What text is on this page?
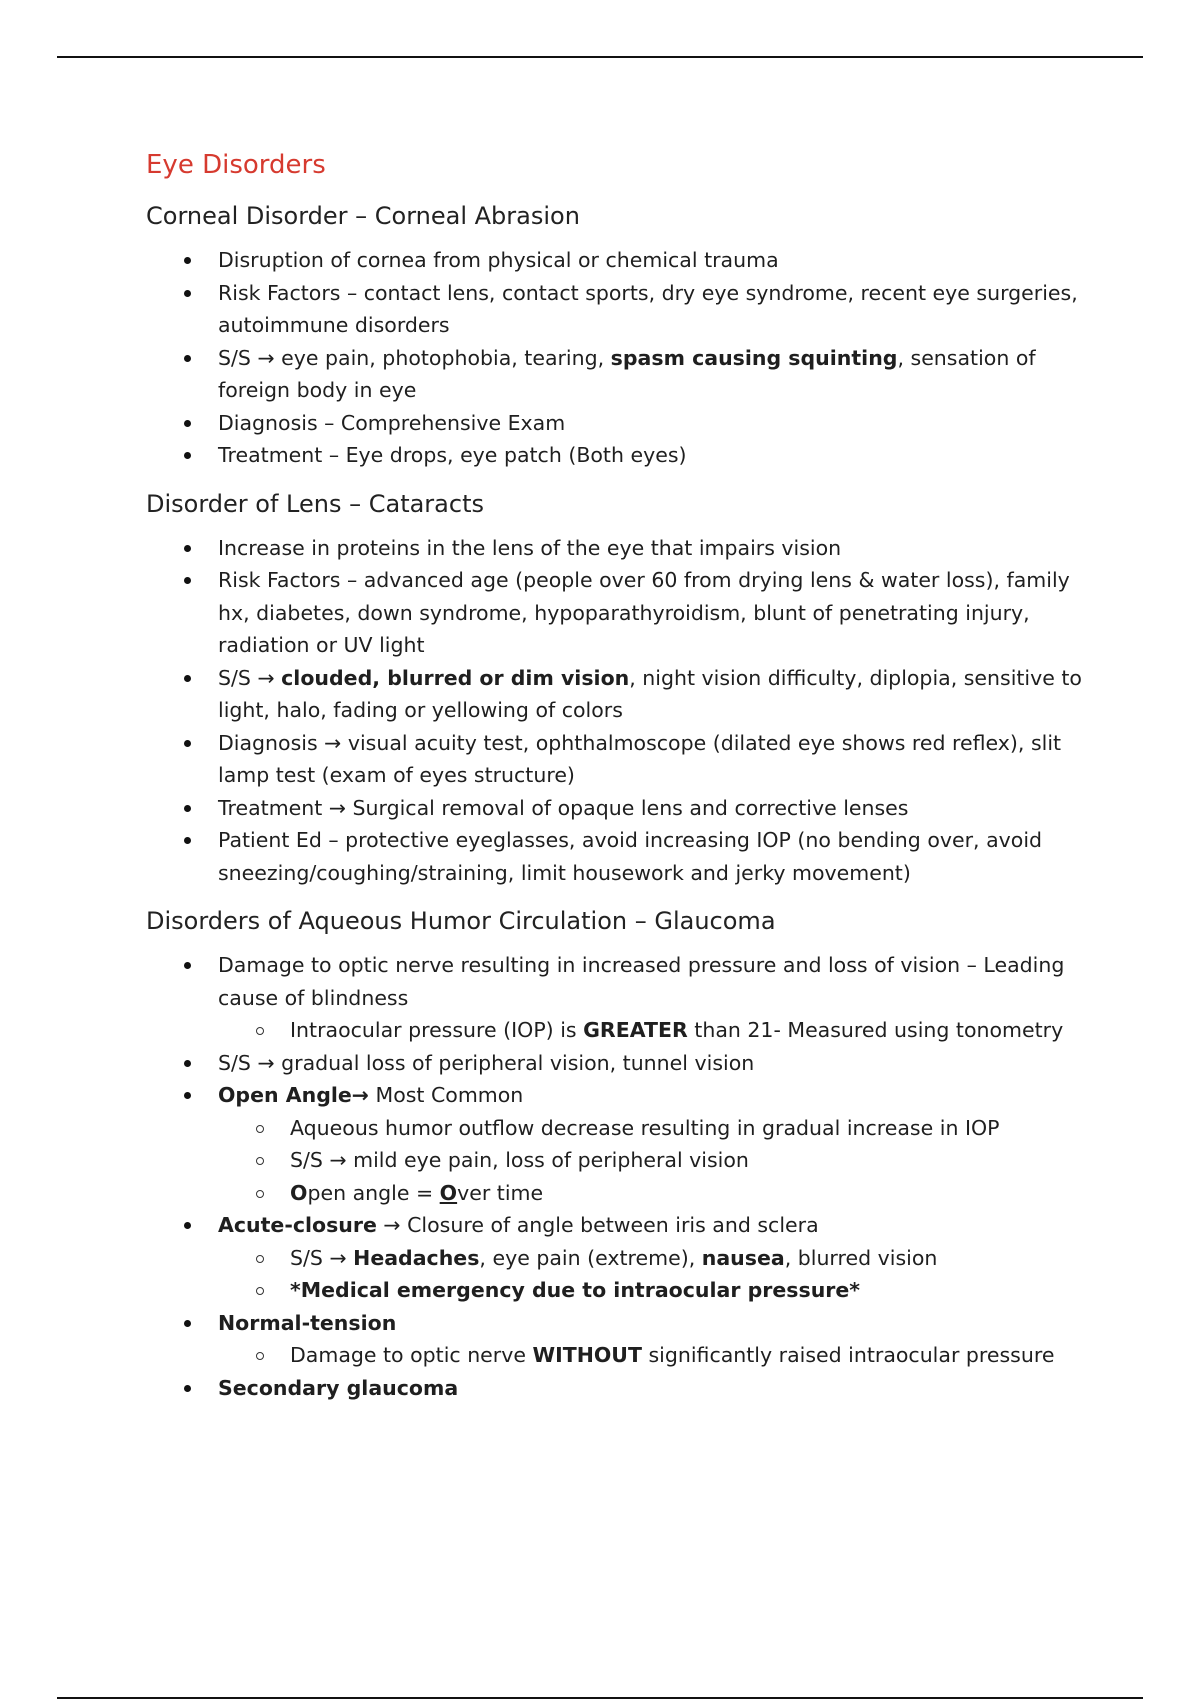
Eye Disorders
Corneal Disorder – Corneal Abrasion
Disruption of cornea from physical or chemical trauma
Risk Factors – contact lens, contact sports, dry eye syndrome, recent eye surgeries, autoimmune disorders
S/S → eye pain, photophobia, tearing, spasm causing squinting, sensation of foreign body in eye
Diagnosis – Comprehensive Exam
Treatment – Eye drops, eye patch (Both eyes)
Disorder of Lens – Cataracts
Increase in proteins in the lens of the eye that impairs vision
Risk Factors – advanced age (people over 60 from drying lens & water loss), family hx, diabetes, down syndrome, hypoparathyroidism, blunt of penetrating injury, radiation or UV light
S/S → clouded, blurred or dim vision, night vision difficulty, diplopia, sensitive to light, halo, fading or yellowing of colors
Diagnosis → visual acuity test, ophthalmoscope (dilated eye shows red reflex), slit lamp test (exam of eyes structure)
Treatment → Surgical removal of opaque lens and corrective lenses
Patient Ed – protective eyeglasses, avoid increasing IOP (no bending over, avoid sneezing/coughing/straining, limit housework and jerky movement)
Disorders of Aqueous Humor Circulation – Glaucoma
Damage to optic nerve resulting in increased pressure and loss of vision – Leading cause of blindness
Intraocular pressure (IOP) is GREATER than 21- Measured using tonometry
S/S → gradual loss of peripheral vision, tunnel vision
Open Angle→ Most Common
Aqueous humor outflow decrease resulting in gradual increase in IOP
S/S → mild eye pain, loss of peripheral vision
Open angle = Over time
Acute-closure → Closure of angle between iris and sclera
S/S → Headaches, eye pain (extreme), nausea, blurred vision
*Medical emergency due to intraocular pressure*
Normal-tension
Damage to optic nerve WITHOUT significantly raised intraocular pressure
Secondary glaucoma
